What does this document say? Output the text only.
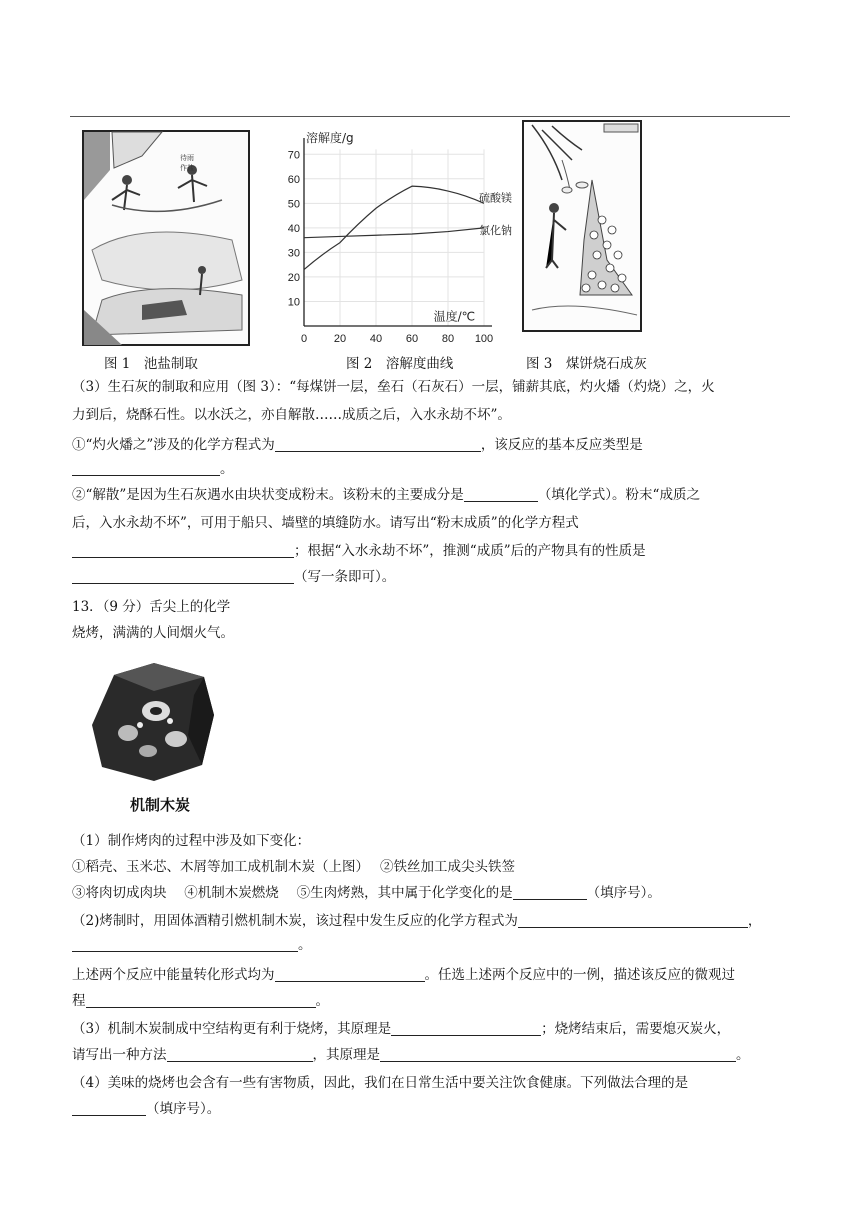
待雨
作盐
图 1　池盐制取
10
20
30
40
50
60
70
0 20 40 60 80 100
溶解度/g
温度/℃
硫酸镁
氯化钠
图 2　溶解度曲线	图 3　煤饼烧石成灰
（3）生石灰的制取和应用（图 3）：“每煤饼一层，垒石（石灰石）一层，铺薪其底，灼火燔（灼烧）之，火
力到后，烧酥石性。以水沃之，亦自解散……成质之后，入水永劫不坏”。
①“灼火燔之”涉及的化学方程式为	，该反应的基本反应类型是
。
②“解散”是因为生石灰遇水由块状变成粉末。该粉末的主要成分是	（填化学式）。粉末“成质之
后，入水永劫不坏”，可用于船只、墙壁的填缝防水。请写出“粉末成质”的化学方程式
；根据“入水永劫不坏”，推测“成质”后的产物具有的性质是
（写一条即可）。
13．（9 分）舌尖上的化学
烧烤，满满的人间烟火气。
机制木炭
（1）制作烤肉的过程中涉及如下变化：
①稻壳、玉米芯、木屑等加工成机制木炭（上图）　 ②铁丝加工成尖头铁签
③将肉切成肉块　 ④机制木炭燃烧　 ⑤生肉烤熟，其中属于化学变化的是	（填序号）。
（2)烤制时，用固体酒精引燃机制木炭，该过程中发生反应的化学方程式为	，
。
上述两个反应中能量转化形式均为	。任选上述两个反应中的一例，描述该反应的微观过
程	。
（3）机制木炭制成中空结构更有利于烧烤，其原理是	；烧烤结束后，需要熄灭炭火，
请写出一种方法	，其原理是	。
（4）美味的烧烤也会含有一些有害物质，因此，我们在日常生活中要关注饮食健康。下列做法合理的是
（填序号）。
